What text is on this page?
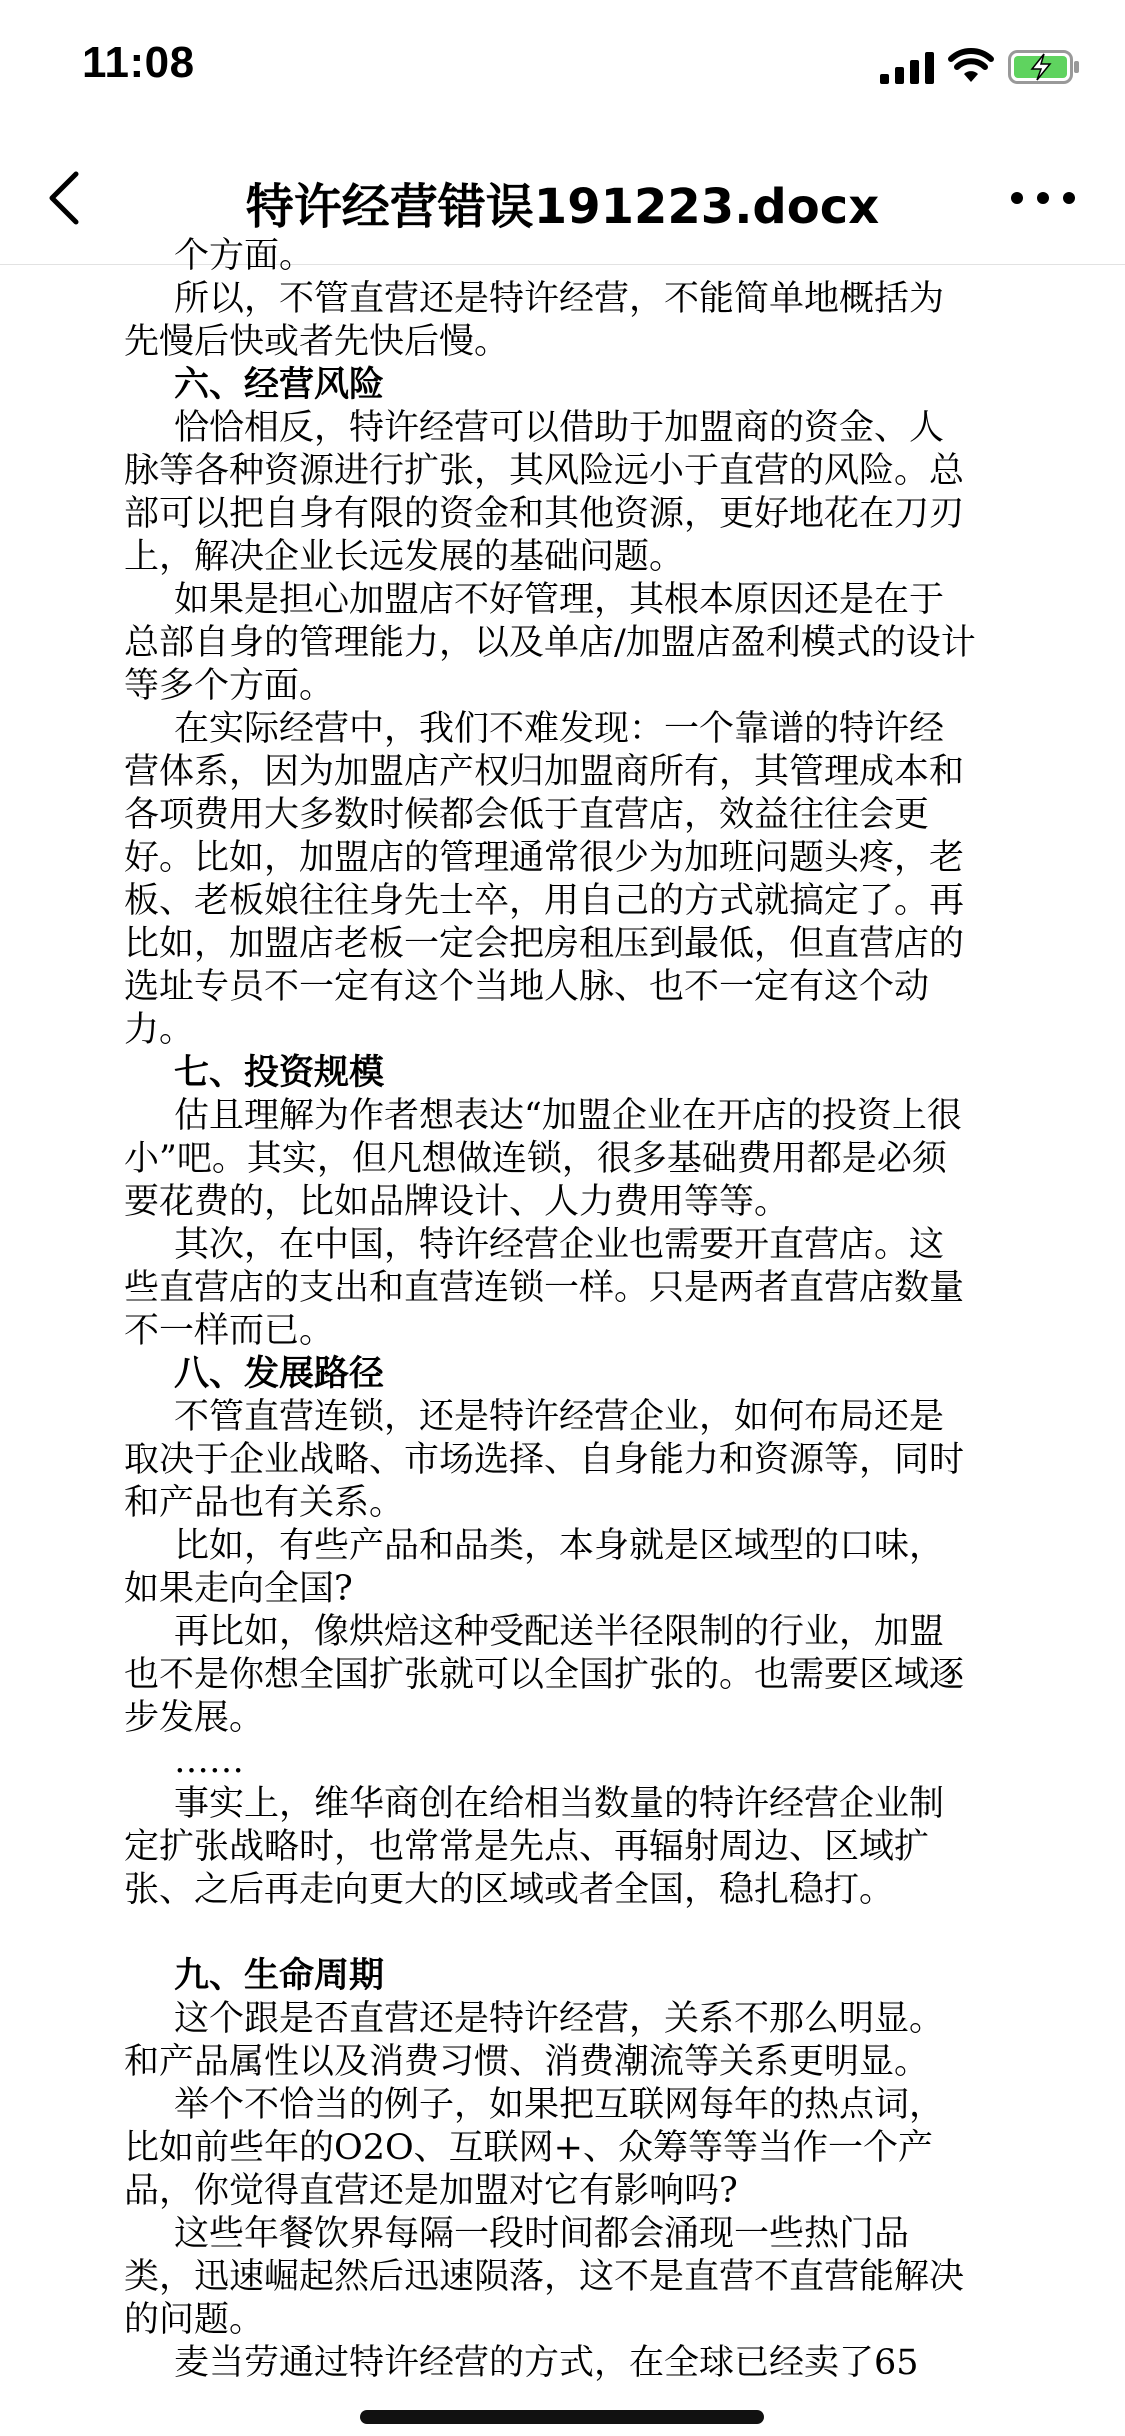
11:08
特许经营错误191223.docx
个方面。
所以，不管直营还是特许经营，不能简单地概括为先慢后快或者先快后慢。
六、经营风险
恰恰相反，特许经营可以借助于加盟商的资金、人脉等各种资源进行扩张，其风险远小于直营的风险。总部可以把自身有限的资金和其他资源，更好地花在刀刃上，解决企业长远发展的基础问题。
如果是担心加盟店不好管理，其根本原因还是在于总部自身的管理能力，以及单店/加盟店盈利模式的设计等多个方面。
在实际经营中，我们不难发现：一个靠谱的特许经营体系，因为加盟店产权归加盟商所有，其管理成本和各项费用大多数时候都会低于直营店，效益往往会更好。比如，加盟店的管理通常很少为加班问题头疼，老板、老板娘往往身先士卒，用自己的方式就搞定了。再比如，加盟店老板一定会把房租压到最低，但直营店的选址专员不一定有这个当地人脉、也不一定有这个动力。
七、投资规模
估且理解为作者想表达“加盟企业在开店的投资上很小”吧。其实，但凡想做连锁，很多基础费用都是必须要花费的，比如品牌设计、人力费用等等。
其次，在中国，特许经营企业也需要开直营店。这些直营店的支出和直营连锁一样。只是两者直营店数量不一样而已。
八、发展路径
不管直营连锁，还是特许经营企业，如何布局还是取决于企业战略、市场选择、自身能力和资源等，同时和产品也有关系。
比如，有些产品和品类，本身就是区域型的口味，如果走向全国?
再比如，像烘焙这种受配送半径限制的行业，加盟也不是你想全国扩张就可以全国扩张的。也需要区域逐步发展。
……
事实上，维华商创在给相当数量的特许经营企业制定扩张战略时，也常常是先点、再辐射周边、区域扩张、之后再走向更大的区域或者全国，稳扎稳打。
九、生命周期
这个跟是否直营还是特许经营，关系不那么明显。和产品属性以及消费习惯、消费潮流等关系更明显。
举个不恰当的例子，如果把互联网每年的热点词，比如前些年的O2O、互联网+、众筹等等当作一个产品，你觉得直营还是加盟对它有影响吗?
这些年餐饮界每隔一段时间都会涌现一些热门品类，迅速崛起然后迅速陨落，这不是直营不直营能解决的问题。
麦当劳通过特许经营的方式，在全球已经卖了65
